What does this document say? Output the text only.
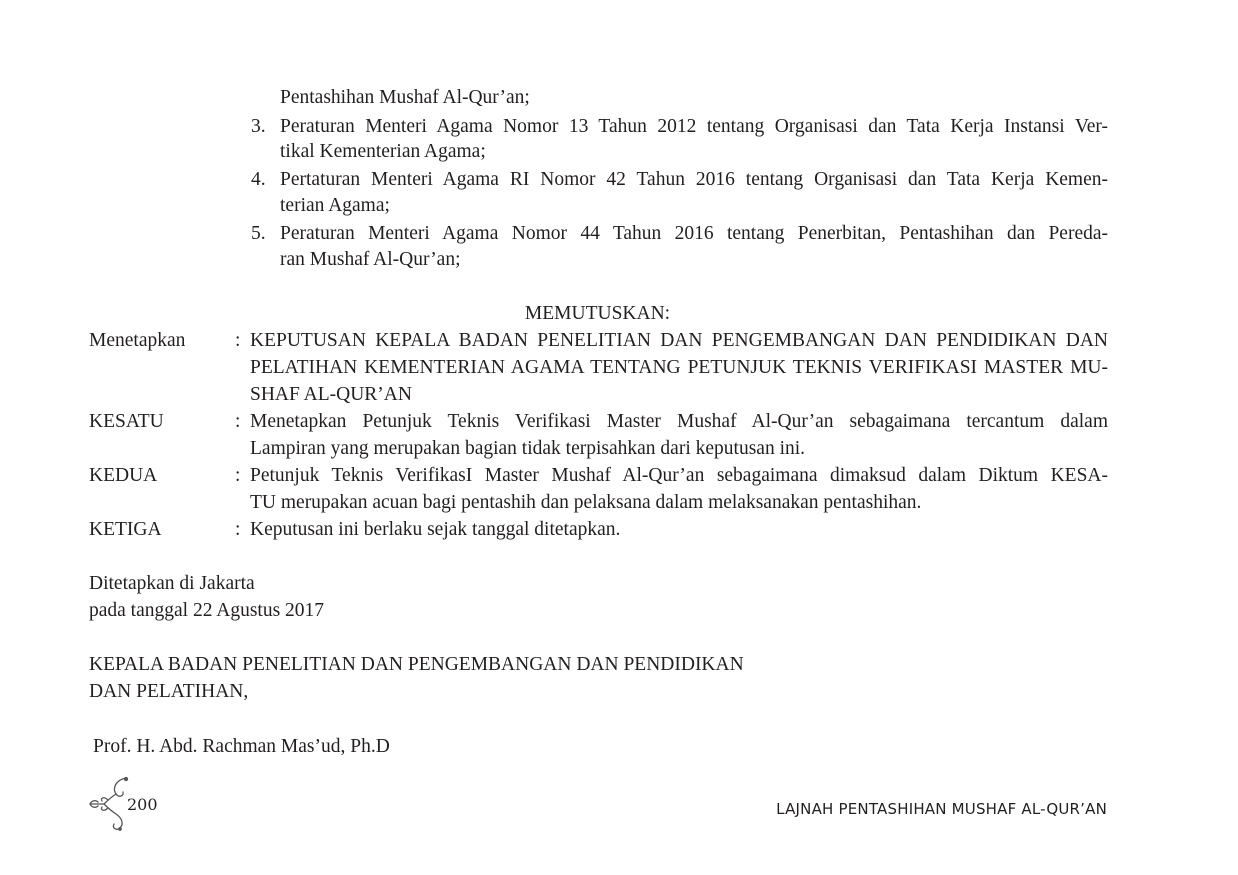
Pentashihan Mushaf Al-Qur’an;
3. Peraturan Menteri Agama Nomor 13 Tahun 2012 tentang Organisasi dan Tata Kerja Instansi Ver-
tikal Kementerian Agama;
4. Pertaturan Menteri Agama RI Nomor 42 Tahun 2016 tentang Organisasi dan Tata Kerja Kemen-
terian Agama;
5. Peraturan Menteri Agama Nomor 44 Tahun 2016 tentang Penerbitan, Pentashihan dan Pereda-
ran Mushaf Al-Qur’an;
MEMUTUSKAN:
Menetapkan	: KEPUTUSAN KEPALA BADAN PENELITIAN DAN PENGEMBANGAN DAN PENDIDIKAN DAN
PELATIHAN KEMENTERIAN AGAMA TENTANG PETUNJUK TEKNIS VERIFIKASI MASTER MU-
SHAF AL-QUR’AN
KESATU	: Menetapkan Petunjuk Teknis Verifikasi Master Mushaf Al-Qur’an sebagaimana tercantum dalam
Lampiran yang merupakan bagian tidak terpisahkan dari keputusan ini.
KEDUA	: Petunjuk Teknis VerifikasI Master Mushaf Al-Qur’an sebagaimana dimaksud dalam Diktum KESA-
TU merupakan acuan bagi pentashih dan pelaksana dalam melaksanakan pentashihan.
KETIGA	: Keputusan ini berlaku sejak tanggal ditetapkan.
Ditetapkan di Jakarta
pada tanggal 22 Agustus 2017
KEPALA BADAN PENELITIAN DAN PENGEMBANGAN DAN PENDIDIKAN
DAN PELATIHAN,
Prof. H. Abd. Rachman Mas’ud, Ph.D
200	LAJNAH PENTASHIHAN MUSHAF AL-QUR’AN
